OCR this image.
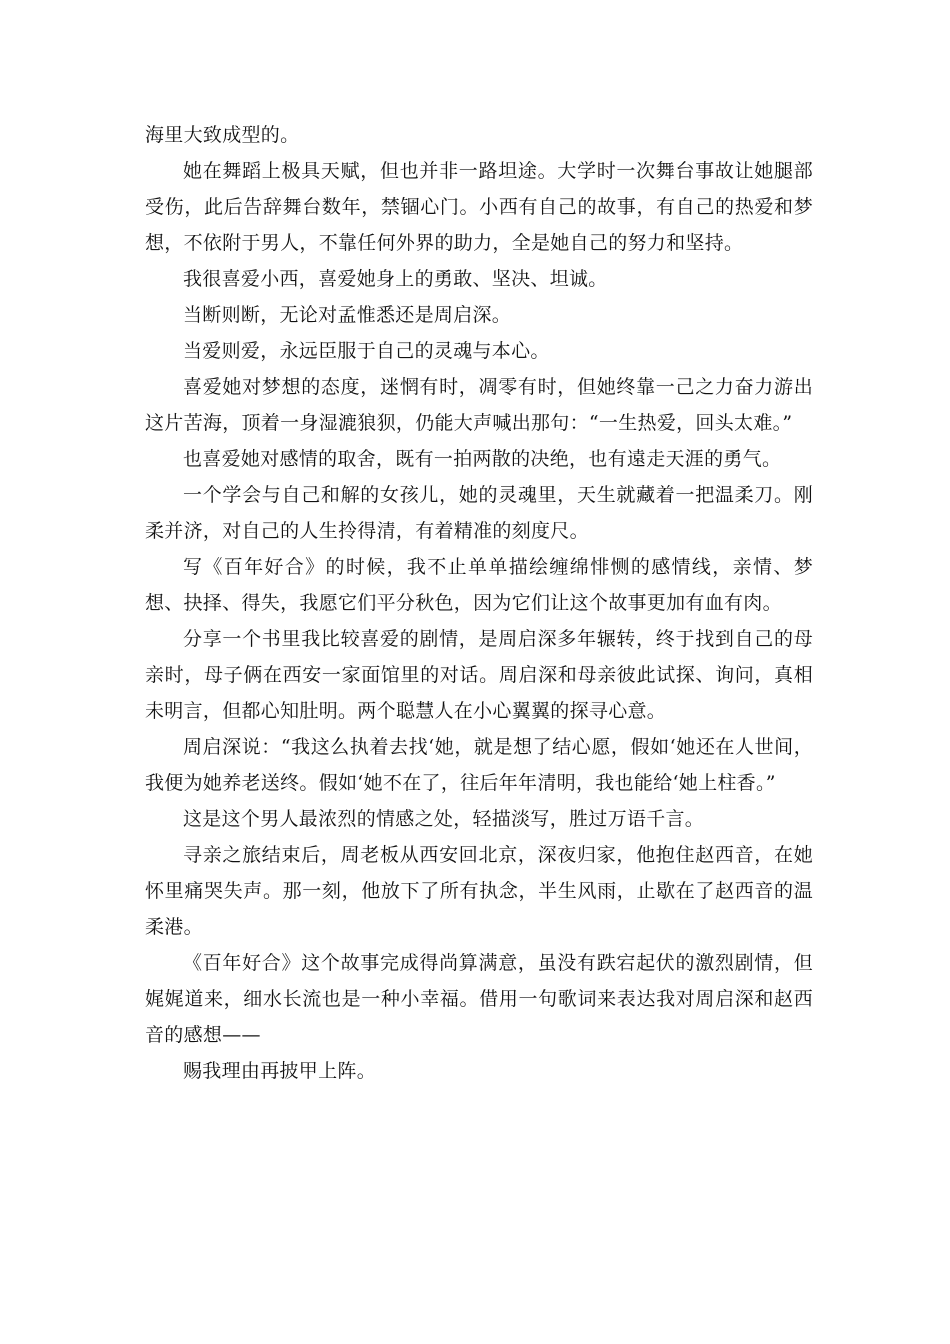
海里大致成型的。

她在舞蹈上极具天赋，但也并非一路坦途。大学时一次舞台事故让她腿部受伤，此后告辞舞台数年，禁锢心门。小西有自己的故事，有自己的热爱和梦想，不依附于男人，不靠任何外界的助力，全是她自己的努力和坚持。

我很喜爱小西，喜爱她身上的勇敢、坚决、坦诚。

当断则断，无论对孟惟悉还是周启深。

当爱则爱，永远臣服于自己的灵魂与本心。

喜爱她对梦想的态度，迷惘有时，凋零有时，但她终靠一己之力奋力游出这片苦海，顶着一身湿漉狼狈，仍能大声喊出那句：“一生热爱，回头太难。”

也喜爱她对感情的取舍，既有一拍两散的决绝，也有遠走天涯的勇气。

一个学会与自己和解的女孩儿，她的灵魂里，天生就藏着一把温柔刀。刚柔并济，对自己的人生拎得清，有着精准的刻度尺。

写《百年好合》的时候，我不止单单描绘缠绵悱恻的感情线，亲情、梦想、抉择、得失，我愿它们平分秋色，因为它们让这个故事更加有血有肉。

分享一个书里我比较喜爱的剧情，是周启深多年辗转，终于找到自己的母亲时，母子俩在西安一家面馆里的对话。周启深和母亲彼此试探、询问，真相未明言，但都心知肚明。两个聪慧人在小心翼翼的探寻心意。

周启深说：“我这么执着去找‘她，就是想了结心愿，假如‘她还在人世间，我便为她养老送终。假如‘她不在了，往后年年清明，我也能给‘她上柱香。”

这是这个男人最浓烈的情感之处，轻描淡写，胜过万语千言。

寻亲之旅结束后，周老板从西安回北京，深夜归家，他抱住赵西音，在她怀里痛哭失声。那一刻，他放下了所有执念，半生风雨，止歇在了赵西音的温柔港。

《百年好合》这个故事完成得尚算满意，虽没有跌宕起伏的激烈剧情，但娓娓道来，细水长流也是一种小幸福。借用一句歌词来表达我对周启深和赵西音的感想——

赐我理由再披甲上阵。
